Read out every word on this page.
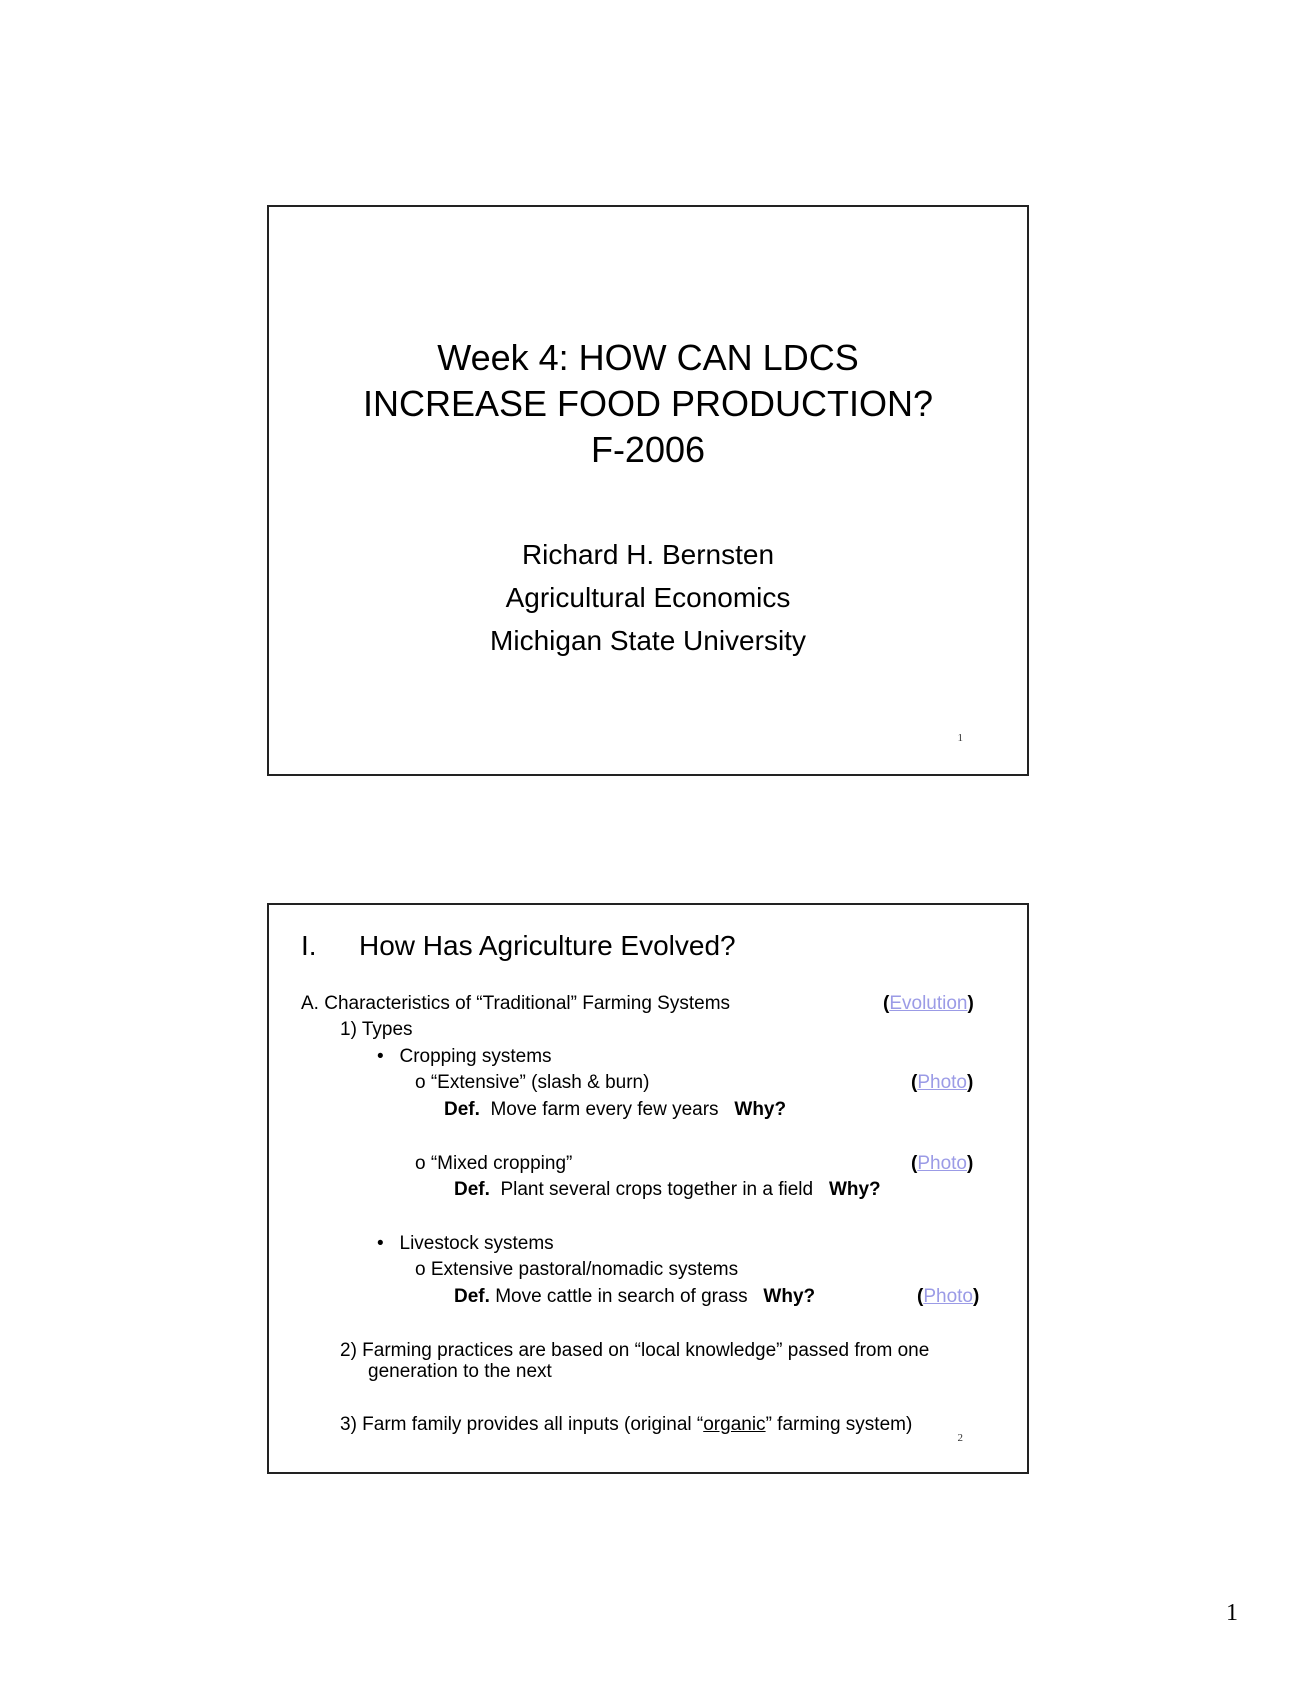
Week 4: HOW CAN LDCS
INCREASE FOOD PRODUCTION?
F-2006
Richard H. Bernsten
Agricultural Economics
Michigan State University
1
I. How Has Agriculture Evolved?
A. Characteristics of “Traditional” Farming Systems	(Evolution)
1) Types
•   Cropping systems
o “Extensive” (slash & burn)	(Photo)
Def. Move farm every few years Why?
o “Mixed cropping”	(Photo)
Def. Plant several crops together in a field Why?
•   Livestock systems
o Extensive pastoral/nomadic systems
Def. Move cattle in search of grass Why?	(Photo)
2) Farming practices are based on “local knowledge” passed from one
generation to the next
3) Farm family provides all inputs (original “organic” farming system)
2
1
